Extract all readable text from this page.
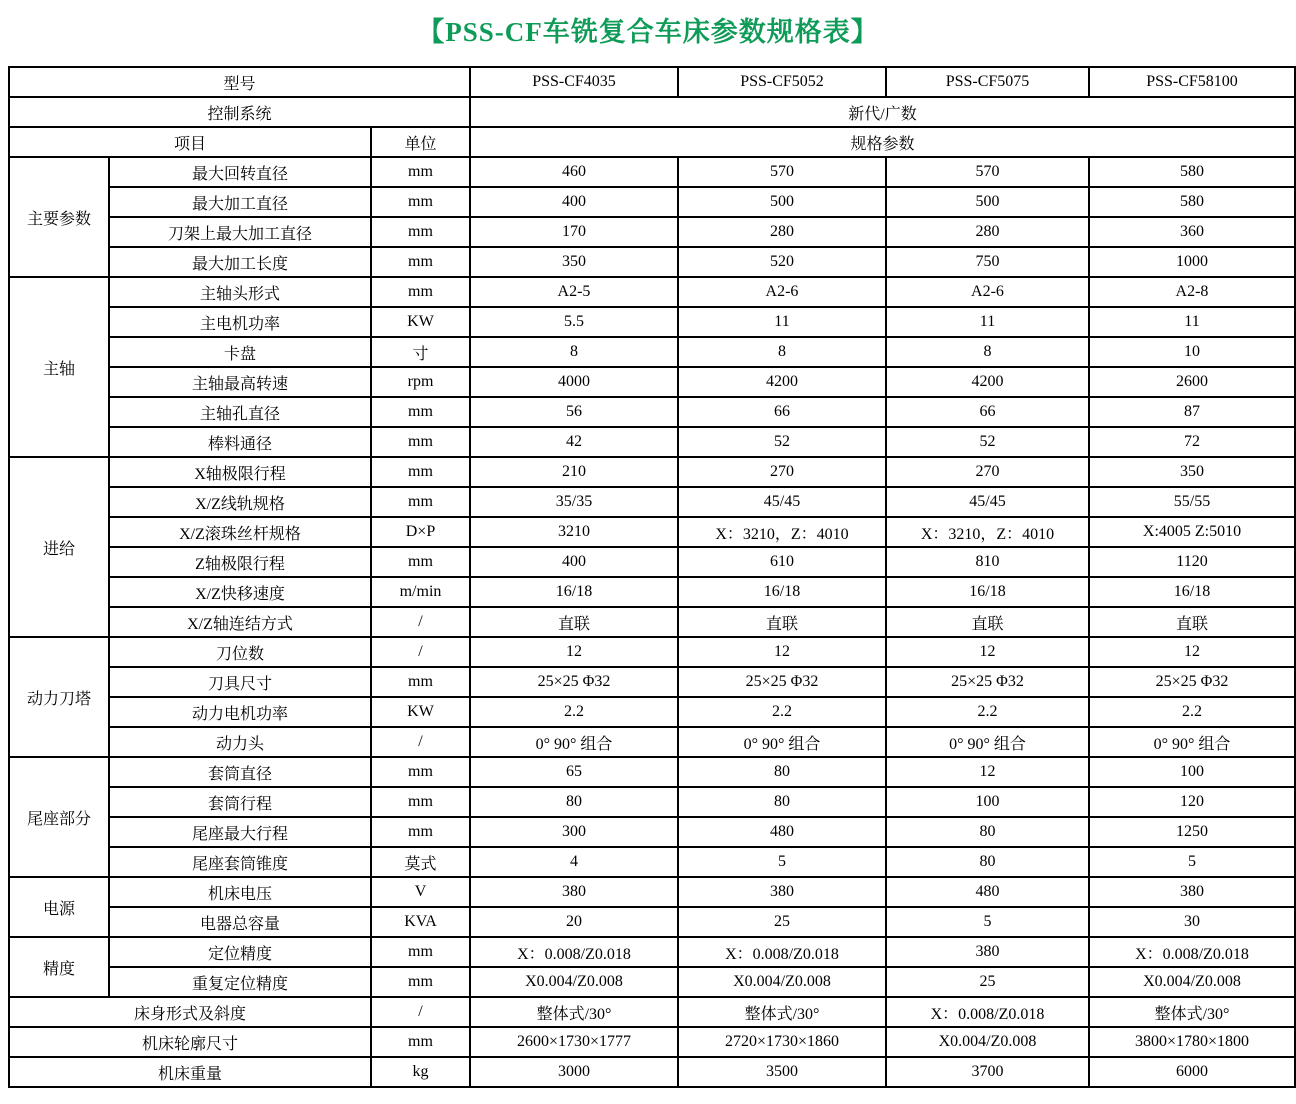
【PSS-CF车铣复合车床参数规格表】
型号			PSS-CF4035	PSS-CF5052	PSS-CF5075	PSS-CF58100
控制系统			新代/广数			
项目		单位	规格参数			
主要参数	最大回转直径	mm	460	570	570	580
	最大加工直径	mm	400	500	500	580
	刀架上最大加工直径	mm	170	280	280	360
	最大加工长度	mm	350	520	750	1000
主轴	主轴头形式	mm	A2-5	A2-6	A2-6	A2-8
	主电机功率	KW	5.5	11	11	11
	卡盘	寸	8	8	8	10
	主轴最高转速	rpm	4000	4200	4200	2600
	主轴孔直径	mm	56	66	66	87
	棒料通径	mm	42	52	52	72
进给	X轴极限行程	mm	210	270	270	350
	X/Z线轨规格	mm	35/35	45/45	45/45	55/55
	X/Z滚珠丝杆规格	D×P	3210	X：3210，Z：4010	X：3210，Z：4010	X:4005 Z:5010
	Z轴极限行程	mm	400	610	810	1120
	X/Z快移速度	m/min	16/18	16/18	16/18	16/18
	X/Z轴连结方式	/	直联	直联	直联	直联
动力刀塔	刀位数	/	12	12	12	12
	刀具尺寸	mm	25×25 Φ32	25×25 Φ32	25×25 Φ32	25×25 Φ32
	动力电机功率	KW	2.2	2.2	2.2	2.2
	动力头	/	0° 90° 组合	0° 90° 组合	0° 90° 组合	0° 90° 组合
尾座部分	套筒直径	mm	65	80	12	100
	套筒行程	mm	80	80	100	120
	尾座最大行程	mm	300	480	80	1250
	尾座套筒锥度	莫式	4	5	80	5
电源	机床电压	V	380	380	480	380
	电器总容量	KVA	20	25	5	30
精度	定位精度	mm	X：0.008/Z0.018	X：0.008/Z0.018	380	X：0.008/Z0.018
	重复定位精度	mm	X0.004/Z0.008	X0.004/Z0.008	25	X0.004/Z0.008
床身形式及斜度		/	整体式/30°	整体式/30°	X：0.008/Z0.018	整体式/30°
机床轮廓尺寸		mm	2600×1730×1777	2720×1730×1860	X0.004/Z0.008	3800×1780×1800
机床重量		kg	3000	3500	3700	6000
